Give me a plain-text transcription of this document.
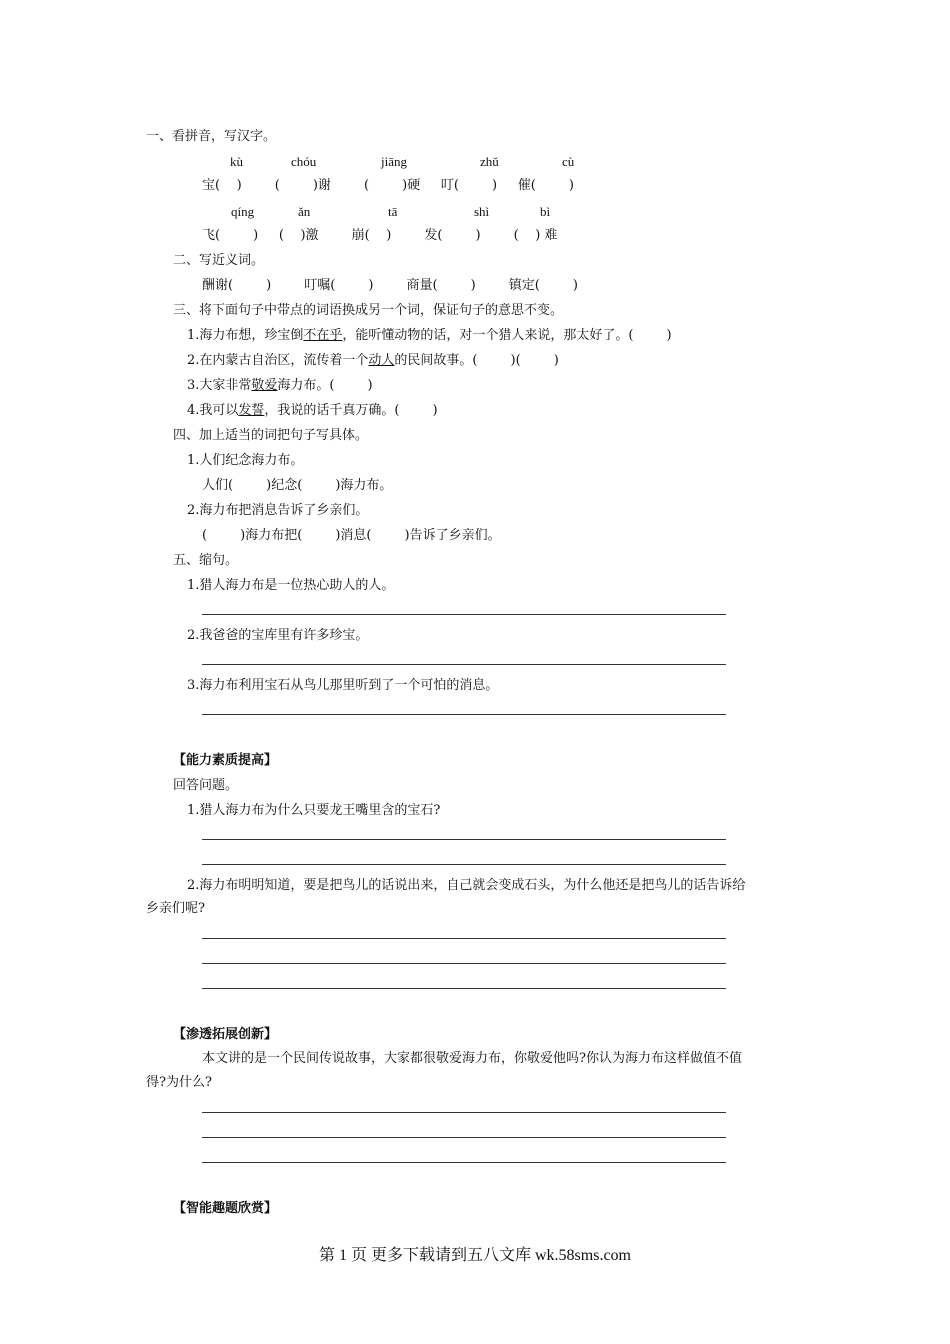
一、看拼音，写汉字。
kù	chóu	jiāng	zhǔ	cù
宝(    )        (        )谢        (        )硬     叮(        )     催(        )
qíng	ǎn	tā	shì	bì
飞(        )     (    )激        崩(    )        发(        )        (    ) 难
二、写近义词。
酬谢(        )        叮嘱(        )        商量(        )        镇定(        )
三、将下面句子中带点的词语换成另一个词，保证句子的意思不变。
1.海力布想，珍宝倒不在乎，能听懂动物的话，对一个猎人来说，那太好了。(        )
2.在内蒙古自治区，流传着一个动人的民间故事。(        )(        )
3.大家非常敬爱海力布。(        )
4.我可以发誓，我说的话千真万确。(        )
四、加上适当的词把句子写具体。
1.人们纪念海力布。
人们(        )纪念(        )海力布。
2.海力布把消息告诉了乡亲们。
(        )海力布把(        )消息(        )告诉了乡亲们。
五、缩句。
1.猎人海力布是一位热心助人的人。
2.我爸爸的宝库里有许多珍宝。
3.海力布利用宝石从鸟儿那里听到了一个可怕的消息。
【能力素质提高】
回答问题。
1.猎人海力布为什么只要龙王嘴里含的宝石?
2.海力布明明知道，要是把鸟儿的话说出来，自己就会变成石头，为什么他还是把鸟儿的话告诉给
乡亲们呢?
【渗透拓展创新】
本文讲的是一个民间传说故事，大家都很敬爱海力布，你敬爱他吗?你认为海力布这样做值不值
得?为什么?
【智能趣题欣赏】
第 1 页 更多下载请到五八文库 wk.58sms.com
